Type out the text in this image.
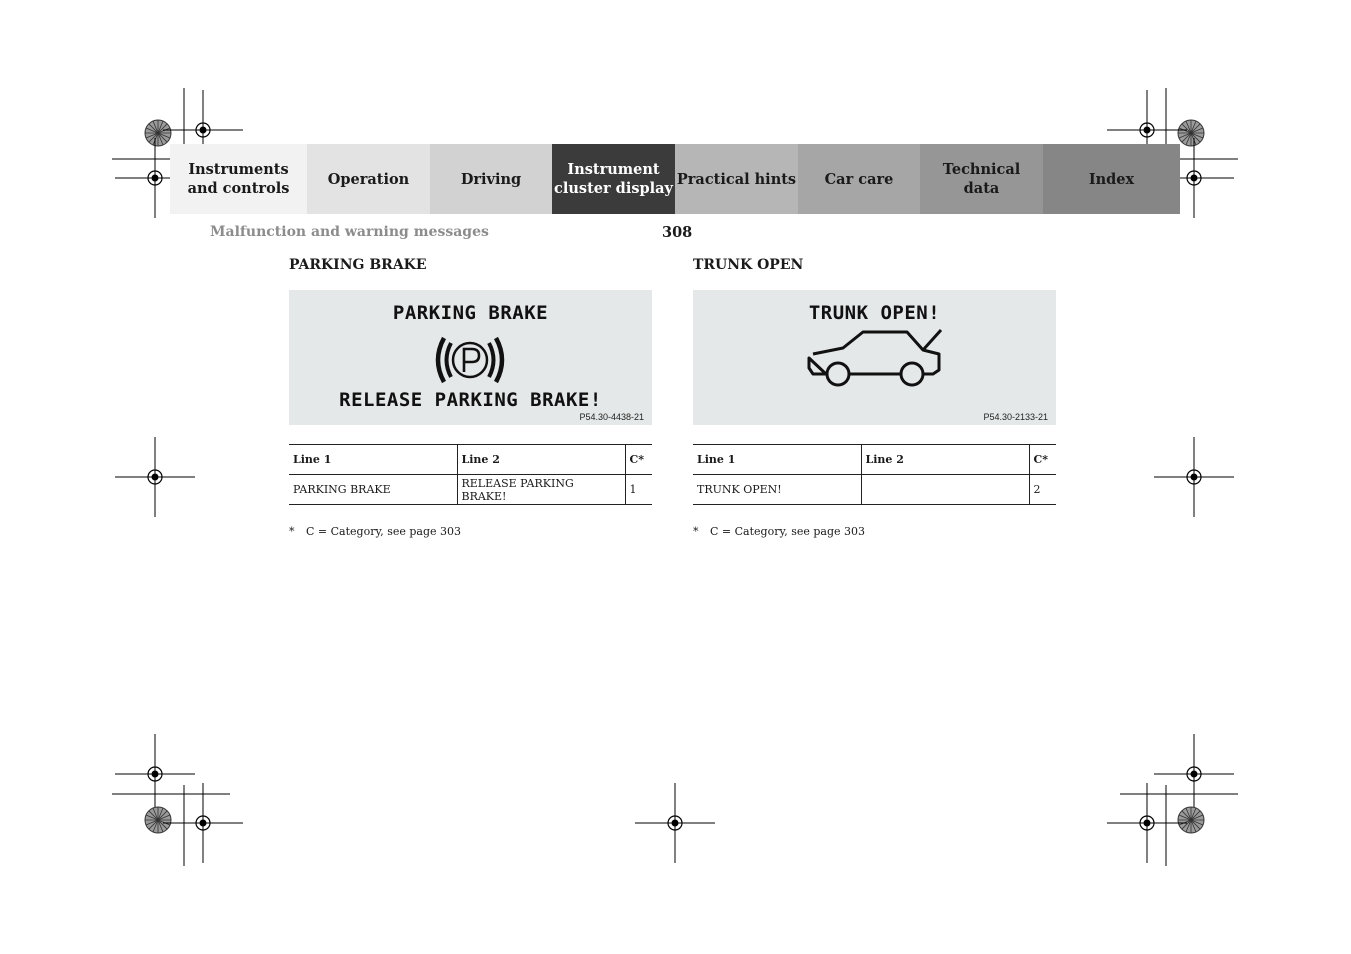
Instruments
and controls
Operation	Driving
Instrument
cluster display
Practical hints	Car care
Technical
data
Index
Malfunction and warning messages	308
PARKING BRAKE
PARKING BRAKE
RELEASE PARKING BRAKE!
P54.30-4438-21
Line 1	Line 2	C*
PARKING BRAKE	RELEASE PARKING BRAKE!	1
* C = Category, see page 303
TRUNK OPEN
TRUNK OPEN!
P54.30-2133-21
Line 1	Line 2	C*
TRUNK OPEN!		2
* C = Category, see page 303
